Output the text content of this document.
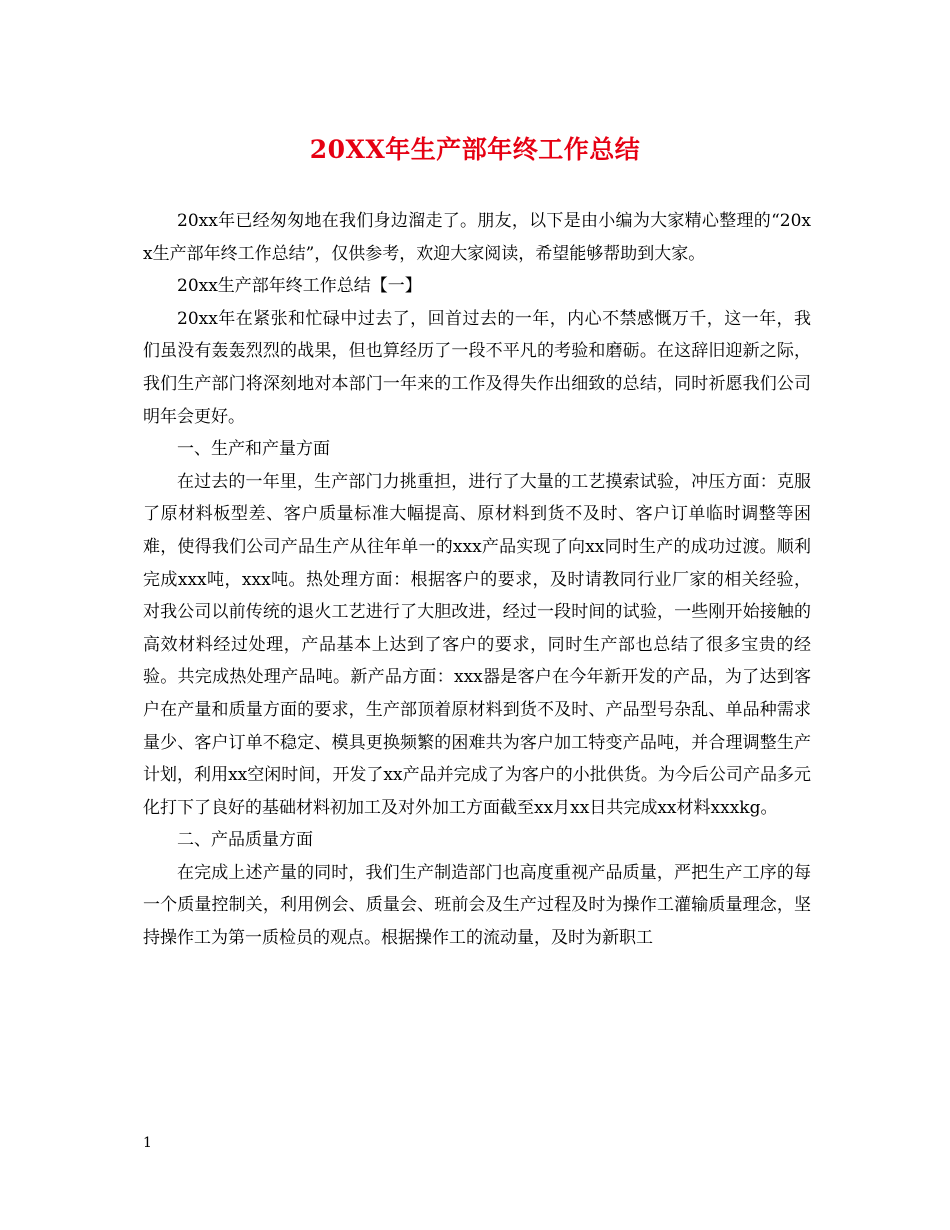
20XX年生产部年终工作总结

20xx年已经匆匆地在我们身边溜走了。朋友，以下是由小编为大家精心整理的“20xx生产部年终工作总结”，仅供参考，欢迎大家阅读，希望能够帮助到大家。

20xx生产部年终工作总结【一】

20xx年在紧张和忙碌中过去了，回首过去的一年，内心不禁感慨万千，这一年，我们虽没有轰轰烈烈的战果，但也算经历了一段不平凡的考验和磨砺。在这辞旧迎新之际，我们生产部门将深刻地对本部门一年来的工作及得失作出细致的总结，同时祈愿我们公司明年会更好。

一、生产和产量方面

在过去的一年里，生产部门力挑重担，进行了大量的工艺摸索试验，冲压方面：克服了原材料板型差、客户质量标准大幅提高、原材料到货不及时、客户订单临时调整等困难，使得我们公司产品生产从往年单一的xxx产品实现了向xx同时生产的成功过渡。顺利完成xxx吨，xxx吨。热处理方面：根据客户的要求，及时请教同行业厂家的相关经验，对我公司以前传统的退火工艺进行了大胆改进，经过一段时间的试验，一些刚开始接触的高效材料经过处理，产品基本上达到了客户的要求，同时生产部也总结了很多宝贵的经验。共完成热处理产品吨。新产品方面：xxx器是客户在今年新开发的产品，为了达到客户在产量和质量方面的要求，生产部顶着原材料到货不及时、产品型号杂乱、单品种需求量少、客户订单不稳定、模具更换频繁的困难共为客户加工特变产品吨，并合理调整生产计划，利用xx空闲时间，开发了xx产品并完成了为客户的小批供货。为今后公司产品多元化打下了良好的基础材料初加工及对外加工方面截至xx月xx日共完成xx材料xxxkg。

二、产品质量方面

在完成上述产量的同时，我们生产制造部门也高度重视产品质量，严把生产工序的每一个质量控制关，利用例会、质量会、班前会及生产过程及时为操作工灌输质量理念，坚持操作工为第一质检员的观点。根据操作工的流动量，及时为新职工

1
